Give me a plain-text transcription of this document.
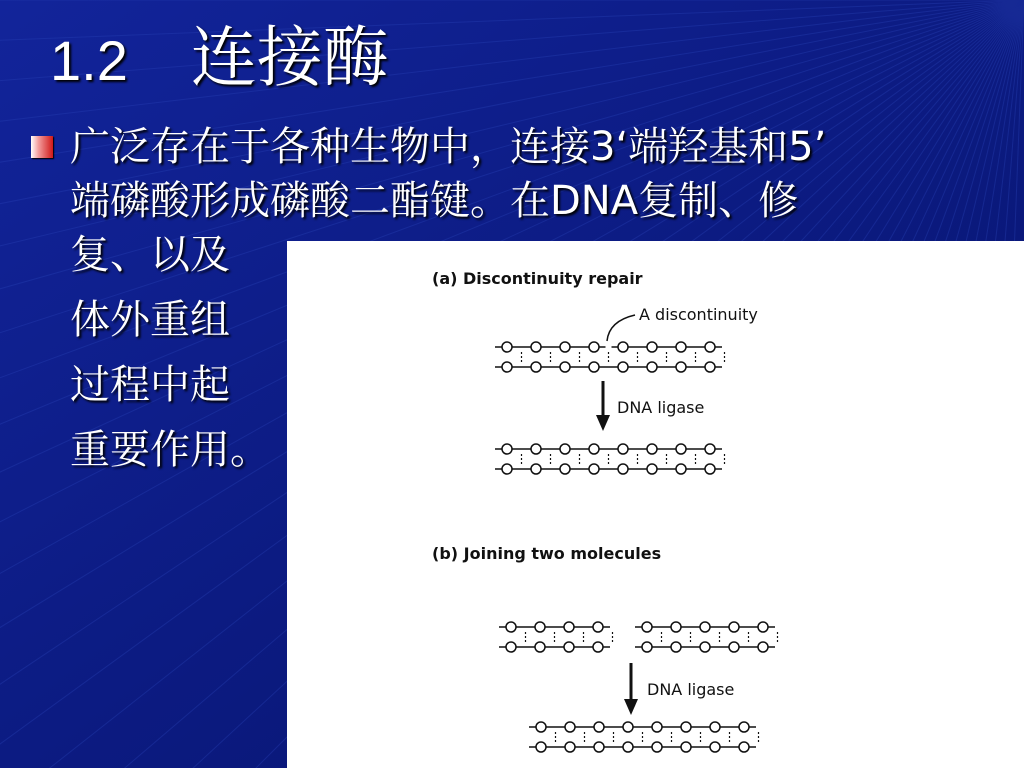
1.2 连接酶
广泛存在于各种生物中，连接3‘端羟基和5’
端磷酸形成磷酸二酯键。在DNA复制、修
复、以及
体外重组
过程中起
重要作用。
(a) Discontinuity repair
A discontinuity
DNA ligase
(b) Joining two molecules
DNA ligase
